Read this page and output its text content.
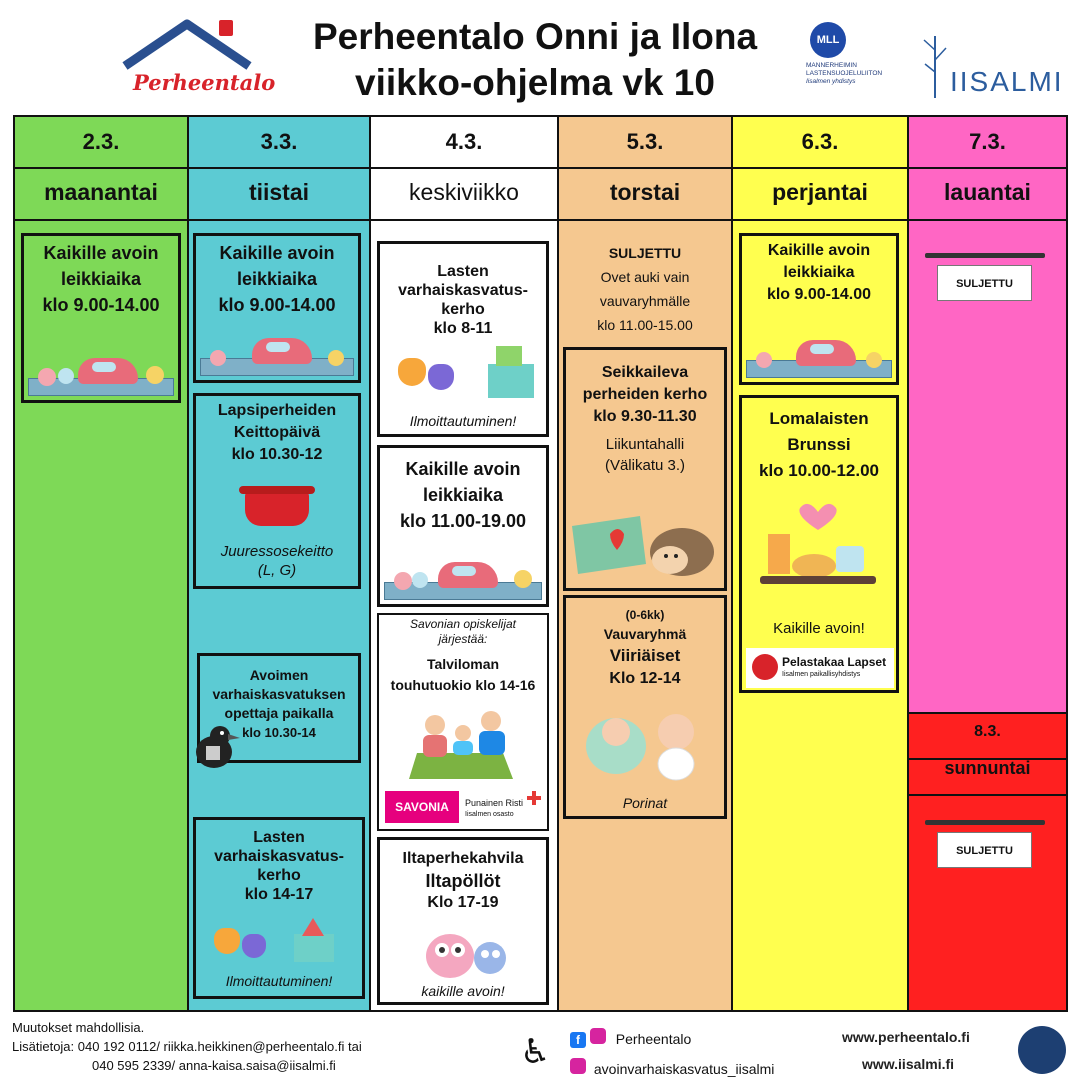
Perheentalo
Perheentalo Onni ja Ilona
viikko-ohjelma vk 10
MLL
MANNERHEIMIN LASTENSUOJELULIITON
Iisalmen yhdistys	IISALMI
2.3.
maanantai
Kaikille avoin
leikkiaika
klo 9.00-14.00
3.3.
tiistai
Kaikille avoin
leikkiaika
klo 9.00-14.00
Lapsiperheiden
Keittopäivä
klo 10.30-12
Juuressosekeitto
(L, G)
Avoimen
varhaiskasvatuksen
opettaja paikalla
klo 10.30-14
Lasten
varhaiskasvatus-
kerho
klo 14-17
Ilmoittautuminen!
4.3.
keskiviikko
Lasten
varhaiskasvatus-
kerho
klo 8-11
Ilmoittautuminen!
Kaikille avoin
leikkiaika
klo 11.00-19.00
Savonian opiskelijat
järjestää:
Talviloman
touhutuokio klo 14-16
SAVONIA	Punainen Risti
Iisalmen osasto
Iltaperhekahvila
Iltapöllöt
Klo 17-19
kaikille avoin!
5.3.
torstai
SULJETTU
Ovet auki vain
vauvaryhmälle
klo 11.00-15.00
Seikkaileva
perheiden kerho
klo 9.30-11.30
Liikuntahalli
(Välikatu 3.)
(0-6kk)
Vauvaryhmä
Viiriäiset
Klo 12-14
Porinat
6.3.
perjantai
Kaikille avoin
leikkiaika
klo 9.00-14.00
Lomalaisten
Brunssi
klo 10.00-12.00
Kaikille avoin!
Pelastakaa Lapset
Iisalmen paikallisyhdistys
7.3.
lauantai
SULJETTU
8.3.
sunnuntai
SULJETTU
Muutokset mahdollisia.
Lisätietoja: 040 192 0112/ riikka.heikkinen@perheentalo.fi tai
040 595 2339/ anna-kaisa.saisa@iisalmi.fi	♿	f	Perheentalo
avoinvarhaiskasvatus_iisalmi
www.perheentalo.fi
www.iisalmi.fi
